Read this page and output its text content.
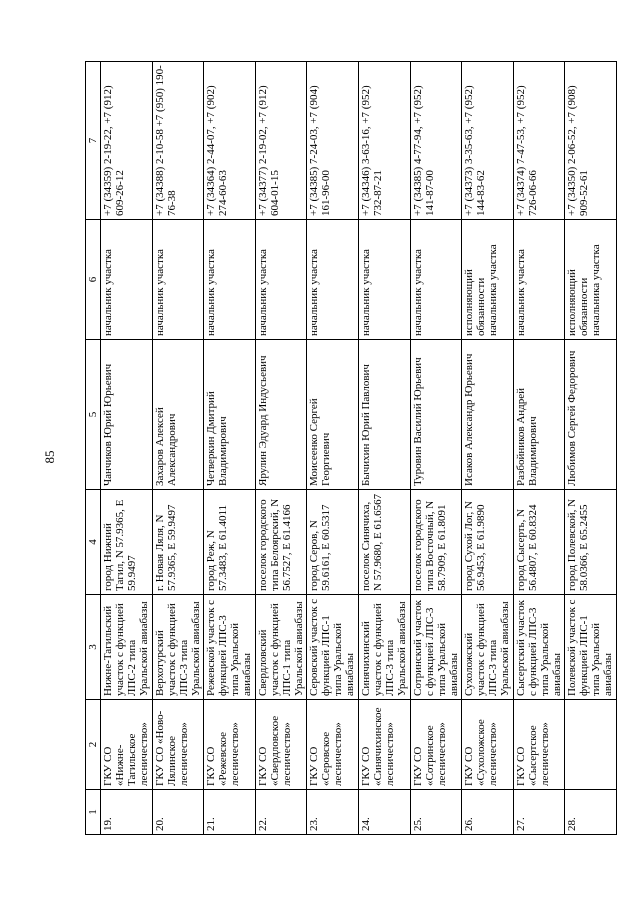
85
1	2	3	4	5	6	7
19.	ГКУ СО «Нижне-Тагильское лесничество»	Нижне-Тагильский участок с функцией ЛПС-2 типа Уральской авиабазы	город Нижний Тагил, N 57.9365, E 59.9497	Чанчиков Юрий Юрьевич	начальник участка	+7 (34359) 2-19-22, +7 (912) 609-26-12
20.	ГКУ СО «Ново-Лялинское лесничество»	Верхотурский участок с функцией ЛПС-3 типа Уральской авиабазы	г. Новая Ляля, N 57.9365, E 59.9497	Захаров Алексей Александрович	начальник участка	+7 (34388) 2-10-58 +7 (950) 190-76-38
21.	ГКУ СО «Режевское лесничество»	Режевской участок с функцией ЛПС-3 типа Уральской авиабазы	город Реж, N 57.3483, E 61.4011	Четверкин Дмитрий Владимирович	начальник участка	+7 (34364) 2-44-07, +7 (902) 274-60-63
22.	ГКУ СО «Свердловское лесничество»	Свердловский участок с функцией ЛПС-1 типа Уральской авиабазы	поселок городского типа Белоярский, N 56.7527, E 61.4166	Ярулин Эдуард Индусьевич	начальник участка	+7 (34377) 2-19-02, +7 (912) 604-01-15
23.	ГКУ СО «Серовское лесничество»	Серовский участок с функцией ЛПС-1 типа Уральской авиабазы	город Серов, N 59.6161, E 60.5317	Моисеенко Сергей Георгиевич	начальник участка	+7 (34385) 7-24-03, +7 (904) 161-96-00
24.	ГКУ СО «Синячихинское лесничество»	Синячихинский участок с функцией ЛПС-3 типа Уральской авиабазы	поселок Синячиха, N 57.9680, E 61.6567	Бычихин Юрий Павлович	начальник участка	+7 (34346) 3-63-16, +7 (952) 732-87-21
25.	ГКУ СО «Сотринское лесничество»	Сотринский участок с функцией ЛПС-3 типа Уральской авиабазы	поселок городского типа Восточный, N 58.7909, E 61.8091	Туровин Василий Юрьевич	начальник участка	+7 (34385) 4-77-94, +7 (952) 141-87-00
26.	ГКУ СО «Сухоложское лесничество»	Сухоложский участок с функцией ЛПС-3 типа Уральской авиабазы	город Сухой Лог, N 56.9453, E 61.9890	Исаков Александр Юрьевич	исполняющий обязанности начальника участка	+7 (34373) 3-35-63, +7 (952) 144-83-62
27.	ГКУ СО «Сысертское лесничество»	Сысертский участок с функцией ЛПС-3 типа Уральской авиабазы	город Сысерть, N 56.4807, E 60.8324	Разбойников Андрей Владимирович	начальник участка	+7 (34374) 7-47-53, +7 (952) 726-06-66
28.		Полевской участок с функцией ЛПС-1 типа Уральской авиабазы	город Полевской, N 58.0366, E 65.2455	Любимов Сергей Федорович	исполняющий обязанности начальника участка	+7 (34350) 2-06-52, +7 (908) 909-52-61
